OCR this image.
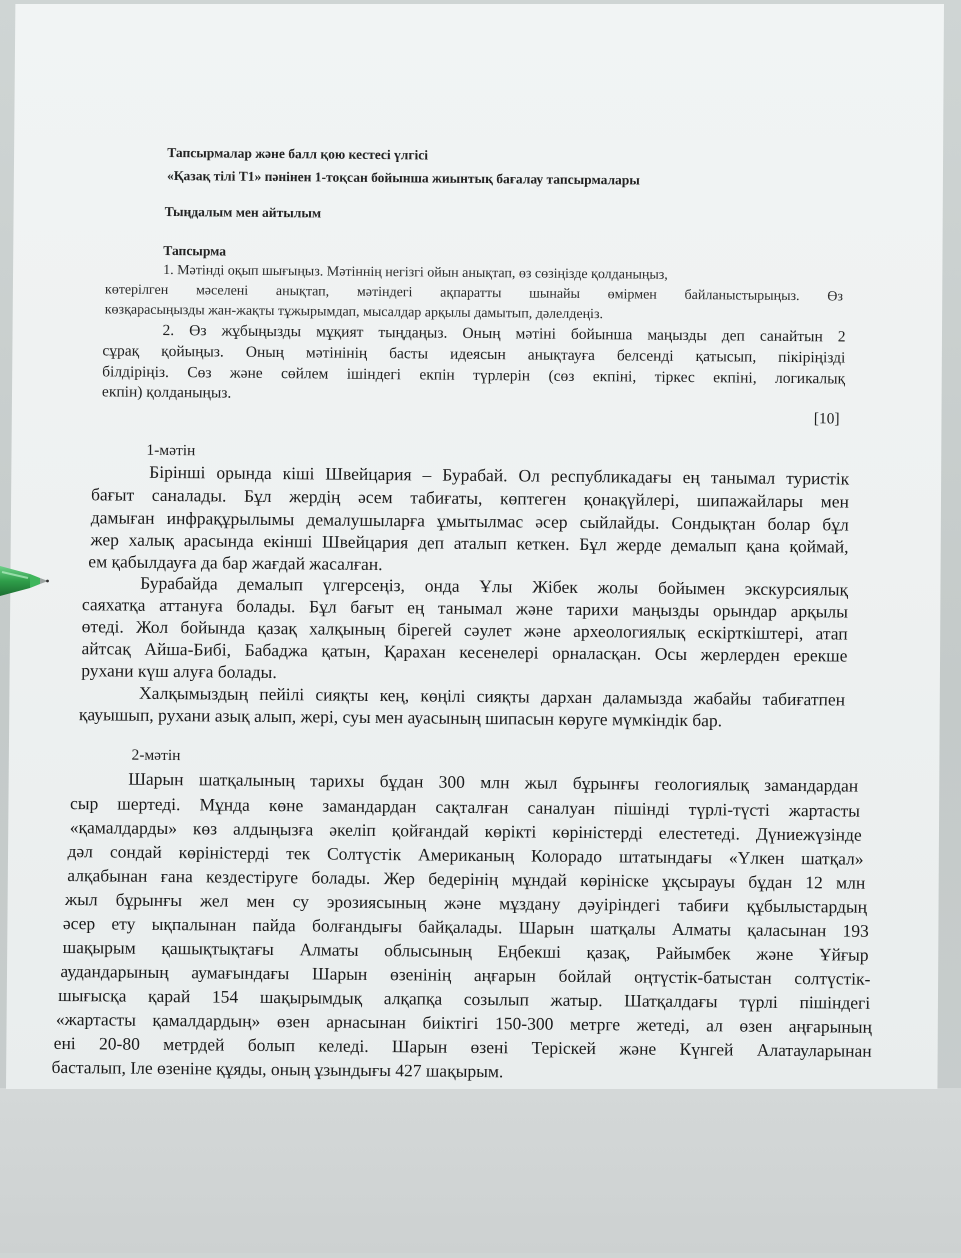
Тапсырмалар және балл қою кестесі үлгісі
«Қазақ тілі Т1» пәнінен 1-тоқсан бойынша жиынтық бағалау тапсырмалары
Тыңдалым мен айтылым
Тапсырма
1. Мәтінді оқып шығыңыз. Мәтіннің негізгі ойын анықтап, өз сөзіңізде қолданыңыз,
көтерілген мәселені анықтап, мәтіндегі ақпаратты шынайы өмірмен байланыстырыңыз. Өз
көзқарасыңызды жан-жақты тұжырымдап, мысалдар арқылы дамытып, дәлелдеңіз.
2. Өз жұбыңызды мұқият тыңдаңыз. Оның мәтіні бойынша маңызды деп санайтын 2
сұрақ қойыңыз. Оның мәтінінің басты идеясын анықтауға белсенді қатысып, пікіріңізді
білдіріңіз. Сөз және сөйлем ішіндегі екпін түрлерін (сөз екпіні, тіркес екпіні, логикалық
екпін) қолданыңыз.
[10]
1-мәтін
Бірінші орында кіші Швейцария – Бурабай. Ол республикадағы ең танымал туристік
бағыт саналады. Бұл жердің әсем табиғаты, көптеген қонақүйлері, шипажайлары мен
дамыған инфрақұрылымы демалушыларға ұмытылмас әсер сыйлайды. Сондықтан болар бұл
жер халық арасында екінші Швейцария деп аталып кеткен. Бұл жерде демалып қана қоймай,
ем қабылдауға да бар жағдай жасалған.
Бурабайда демалып үлгерсеңіз, онда Ұлы Жібек жолы бойымен экскурсиялық
саяхатқа аттануға болады. Бұл бағыт ең танымал және тарихи маңызды орындар арқылы
өтеді. Жол бойында қазақ халқының бірегей сәулет және археологиялық ескірткіштері, атап
айтсақ Айша-Бибі, Бабаджа қатын, Қарахан кесенелері орналасқан. Осы жерлерден ерекше
рухани күш алуға болады.
Халқымыздың пейілі сияқты кең, көңілі сияқты дархан даламызда жабайы табиғатпен
қауышып, рухани азық алып, жері, суы мен ауасының шипасын көруге мүмкіндік бар.
2-мәтін
Шарын шатқалының тарихы бұдан 300 млн жыл бұрынғы геологиялық замандардан
сыр шертеді. Мұнда көне замандардан сақталған саналуан пішінді түрлі-түсті жартасты
«қамалдарды» көз алдыңызға әкеліп қойғандай көрікті көріністерді елестетеді. Дүниежүзінде
дәл сондай көріністерді тек Солтүстік Американың Колорадо штатындағы «Үлкен шатқал»
алқабынан ғана кездестіруге болады. Жер бедерінің мұндай көрініске ұқсырауы бұдан 12 млн
жыл бұрынғы жел мен су эрозиясының және мұздану дәуіріндегі табиғи құбылыстардың
әсер ету ықпалынан пайда болғандығы байқалады. Шарын шатқалы Алматы қаласынан 193
шақырым қашықтықтағы Алматы облысының Еңбекші қазақ, Райымбек және Ұйғыр
аудандарының аумағындағы Шарын өзенінің аңғарын бойлай оңтүстік-батыстан солтүстік-
шығысқа қарай 154 шақырымдық алқапқа созылып жатыр. Шатқалдағы түрлі пішіндегі
«жартасты қамалдардың» өзен арнасынан биіктігі 150-300 метрге жетеді, ал өзен аңғарының
ені 20-80 метрдей болып келеді. Шарын өзені Теріскей және Күнгей Алатауларынан
басталып, Іле өзеніне құяды, оның ұзындығы 427 шақырым.
